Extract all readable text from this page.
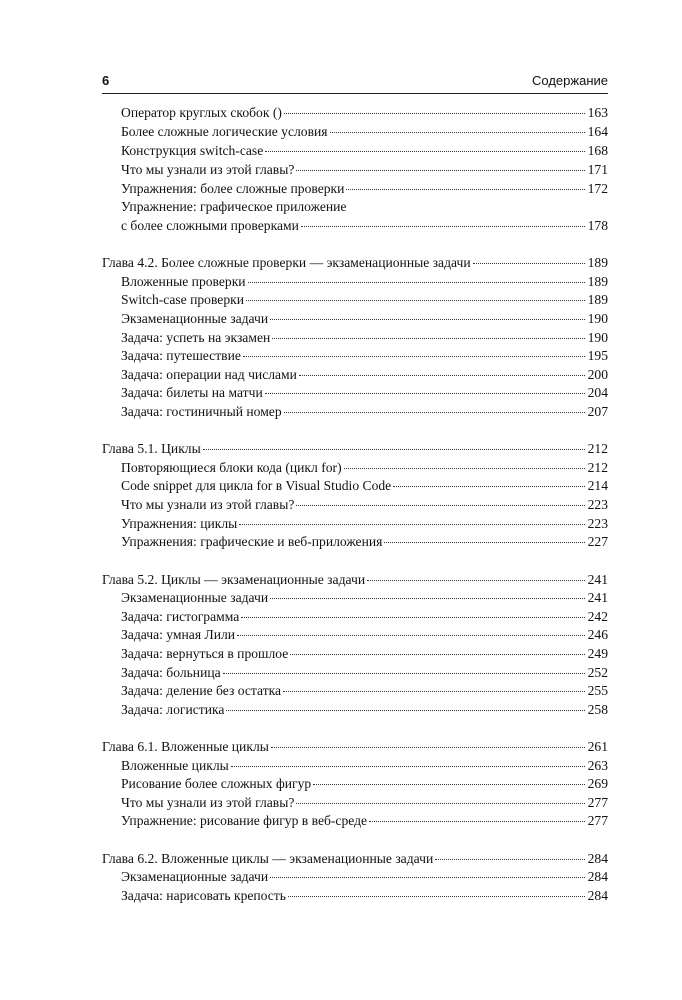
6	Содержание
Оператор круглых скобок ()	163
Более сложные логические условия	164
Конструкция switch-case	168
Что мы узнали из этой главы?	171
Упражнения: более сложные проверки	172
Упражнение: графическое приложение
с более сложными проверками	178
Глава 4.2. Более сложные проверки — экзаменационные задачи	189
Вложенные проверки	189
Switch-case проверки	189
Экзаменационные задачи	190
Задача: успеть на экзамен	190
Задача: путешествие	195
Задача: операции над числами	200
Задача: билеты на матчи	204
Задача: гостиничный номер	207
Глава 5.1. Циклы	212
Повторяющиеся блоки кода (цикл for)	212
Code snippet для цикла for в Visual Studio Code	214
Что мы узнали из этой главы?	223
Упражнения: циклы	223
Упражнения: графические и веб-приложения	227
Глава 5.2. Циклы — экзаменационные задачи	241
Экзаменационные задачи	241
Задача: гистограмма	242
Задача: умная Лили	246
Задача: вернуться в прошлое	249
Задача: больница	252
Задача: деление без остатка	255
Задача: логистика	258
Глава 6.1. Вложенные циклы	261
Вложенные циклы	263
Рисование более сложных фигур	269
Что мы узнали из этой главы?	277
Упражнение: рисование фигур в веб-среде	277
Глава 6.2. Вложенные циклы — экзаменационные задачи	284
Экзаменационные задачи	284
Задача: нарисовать крепость	284
